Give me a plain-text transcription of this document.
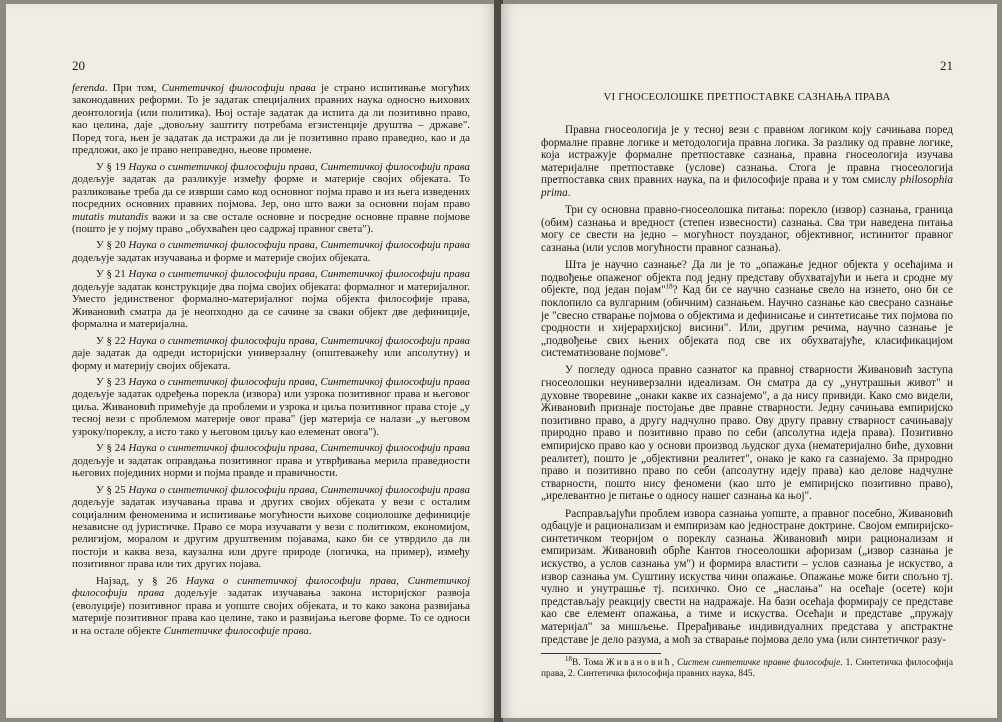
20

ferenda. При том, Синтетичкој философији права је страно испитивање могућих законодавних реформи. То је задатак специјалних правних наука односно њихових деонтологија (или политика). Њој остаје задатак да испита да ли позитивно право, као целина, даје „довољну заштиту потребама егзистенције друштва – државе". Поред тога, њен је задатак да истражи да ли је позитивно право праведно, као и да предложи, ако је право неправедно, њеове промене.

У § 19 Наука о синтетичкој философији права, Синтетичкој философији права додељује задатак да разликује између форме и материје својих објеката. То разликовање треба да се изврши само код основног појма право и из њега изведених посредних основних правних појмова. Јер, оно што важи за основни појам право mutatis mutandis важи и за све остале основне и посредне основне правне појмове (пошто је у појму право „обухваћен цео садржај правног света").

У § 20 Наука о синтетичкој философији права, Синтетичкој философији права додељује задатак изучавања и форме и материје својих објеката.

У § 21 Наука о синтетичкој философији права, Синтетичкој философији права додељује задатак конструкције два појма својих објеката: формалног и материјалног. Уместо јединственог формално-материјалног појма објекта философије права, Живановић сматра да је неопходно да се сачине за сваки објект две дефиниције, формална и материјална.

У § 22 Наука о синтетичкој философији права, Синтетичкој философији права даје задатак да одреди историјски универзалну (општеважећу или апсолутну) и форму и материју својих објеката.

У § 23 Наука о синтетичкој философији права, Синтетичкој философији права додељује задатак одређења порекла (извора) или узрока позитивног права и његовог циља. Живановић примећује да проблеми и узрока и циља позитивног права стоје „у тесној вези с проблемом материје овог права" (јер материја се налази „у његовом узроку/пореклу, а исто тако у његовом циљу као елеменат овога").

У § 24 Наука о синтетичкој философији права, Синтетичкој философији права додељује и задатак оправдања позитивног права и утврђивања мерила праведности његових појединих норми и појма правде и правичности.

У § 25 Наука о синтетичкој философији права, Синтетичкој философији права додељује задатак изучавања права и других својих објеката у вези с осталим социјалним феноменима и испитивање могућности њихове социолошке дефиниције независне од јуристичке. Право се мора изучавати у вези с политиком, економијом, религијом, моралом и другим друштвеним појавама, како би се утврдило да ли постоји и каква веза, каузална или друге природе (логичка, на пример), између позитивног права или тих других појава.

Најзад, у § 26 Наука о синтетичкој философији права, Синтетичкој философији права додељује задатак изучавања закона историјског развоја (еволуције) позитивног права и уопште својих објеката, и то како закона развијања материје позитивног права као целине, тако и развијања његове форме. То се односи и на остале објекте Синтетичке философије права.

21
VI ГНОСЕОЛОШКЕ ПРЕТПОСТАВКЕ САЗНАЊА ПРАВА

Правна гносеологија је у тесној вези с правном логиком коју сачињава поред формалне правне логике и методологија правна логика. За разлику од правне логике, која истражује формалне претпоставке сазнања, правна гносеологија изучава материјалне претпоставке (услове) сазнања. Стога је правна гносеологија претпоставка свих правних наука, па и философије права и у том смислу philosophia prima.

Три су основна правно-гносеолошка питања: порекло (извор) сазнања, граница (обим) сазнања и вредност (степен извесности) сазнања. Сва три наведена питања могу се свести на једно – могућност поузданог, објективног, истинитог правног сазнања (или услов могућности правног сазнања).

Шта је научно сазнање? Да ли је то „опажање једног објекта у осећајима и подвођење опаженог објекта под једну представу обухватајући и њега и сродне му објекте, под један појам"$^{18}$? Кад би се научно сазнање свело на изнето, оно би се поклопило са вулгарним (обичним) сазнањем. Научно сазнање као свесрано сазнање је "свесно стварање појмова о објектима и дефинисање и синтетисање тих појмова по сродности и хијерархијској висини". Или, другим речима, научно сазнање је „подвођење свих њених објеката под све их обухватајуће, класификацијом систематизоване појмове".

У погледу односа правно сазнатог ка правној стварности Живановић заступа гносеолошки неуниверзални идеализам. Он сматра да су „унутрашњи живот" и духовне творевине „онаки какве их сазнајемо", а да нису привиди. Како смо видели, Живановић признаје постојање две правне стварности. Једну сачињава емпиријско позитивно право, а другу надчулно право. Ову другу правну стварност сачињавају природно право и позитивно право по себи (апсолутна идеја права). Позитивно емпиријско право као у основи производ људског духа (нематеријално биће, духовни реалитет), пошто је „објективни реалитет", онако је како га сазнајемо. За природно право и позитивно право по себи (апсолутну идеју права) као делове надчулне стварности, пошто нису феномени (као што је емпиријско позитивно право), „ирелевантно је питање о односу нашег сазнања ка њој".

Расправљајући проблем извора сазнања уопште, а правног посебно, Живановић одбацује и рационализам и емпиризам као једностране доктрине. Својом емпиријско-синтетичком теоријом о пореклу сазнања Живановић мири рационализам и емпиризам. Живановић обрће Кантов гносеолошки афоризам („извор сазнања је искуство, а услов сазнања ум") и формира властити – услов сазнања је искуство, а извор сазнања ум. Суштину искуства чини опажање. Опажање може бити спољно тј. чулно и унутрашње тј. психичко. Оно се „наслања" на осећаје (осете) који представљају реакцију свести на надражаје. На бази осећаја формирају се представе као све елемент опажања, а тиме и искуства. Осећаји и представе „пружају материјал" за мишљење. Прерађивање индивидуалних представа у апстрактне представе је дело разума, а моћ за стварање појмова дело ума (или синтетичког разу-

$^{18}$В. Тома Живановић, Систем синтетичке правне философије. 1. Синтетичка философија права, 2. Синтетичка философија правних наука, 845.
